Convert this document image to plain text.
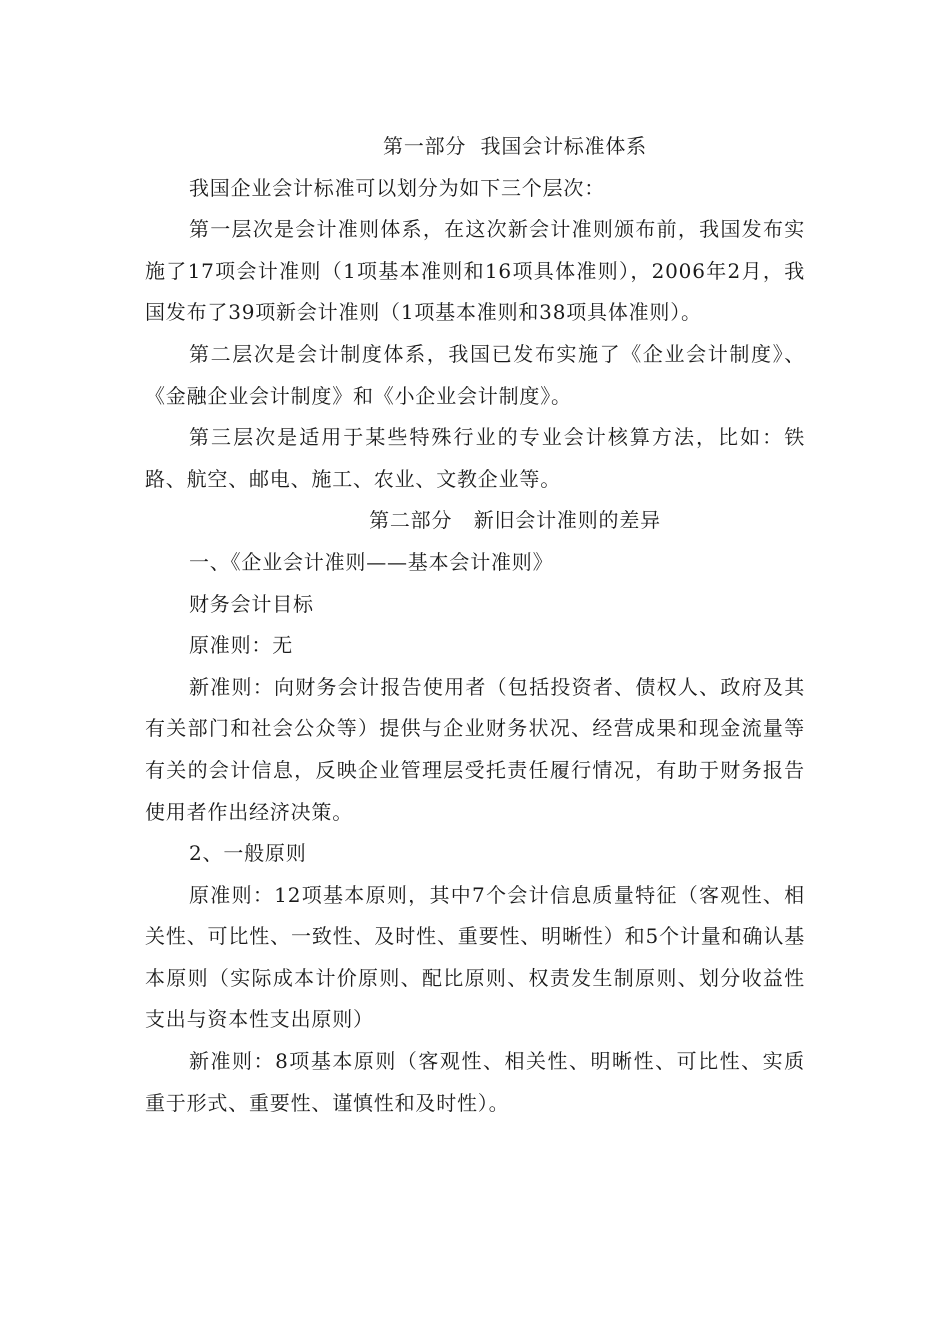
第一部分  我国会计标准体系

我国企业会计标准可以划分为如下三个层次：

第一层次是会计准则体系，在这次新会计准则颁布前，我国发布实施了17项会计准则（1项基本准则和16项具体准则），2006年2月，我国发布了39项新会计准则（1项基本准则和38项具体准则）。

第二层次是会计制度体系，我国已发布实施了《企业会计制度》、《金融企业会计制度》和《小企业会计制度》。

第三层次是适用于某些特殊行业的专业会计核算方法，比如：铁路、航空、邮电、施工、农业、文教企业等。

第二部分   新旧会计准则的差异

一、《企业会计准则——基本会计准则》

财务会计目标

原准则：无

新准则：向财务会计报告使用者（包括投资者、债权人、政府及其有关部门和社会公众等）提供与企业财务状况、经营成果和现金流量等有关的会计信息，反映企业管理层受托责任履行情况，有助于财务报告使用者作出经济决策。

2、一般原则

原准则：12项基本原则，其中7个会计信息质量特征（客观性、相关性、可比性、一致性、及时性、重要性、明晰性）和5个计量和确认基本原则（实际成本计价原则、配比原则、权责发生制原则、划分收益性支出与资本性支出原则）

新准则：8项基本原则（客观性、相关性、明晰性、可比性、实质重于形式、重要性、谨慎性和及时性）。
